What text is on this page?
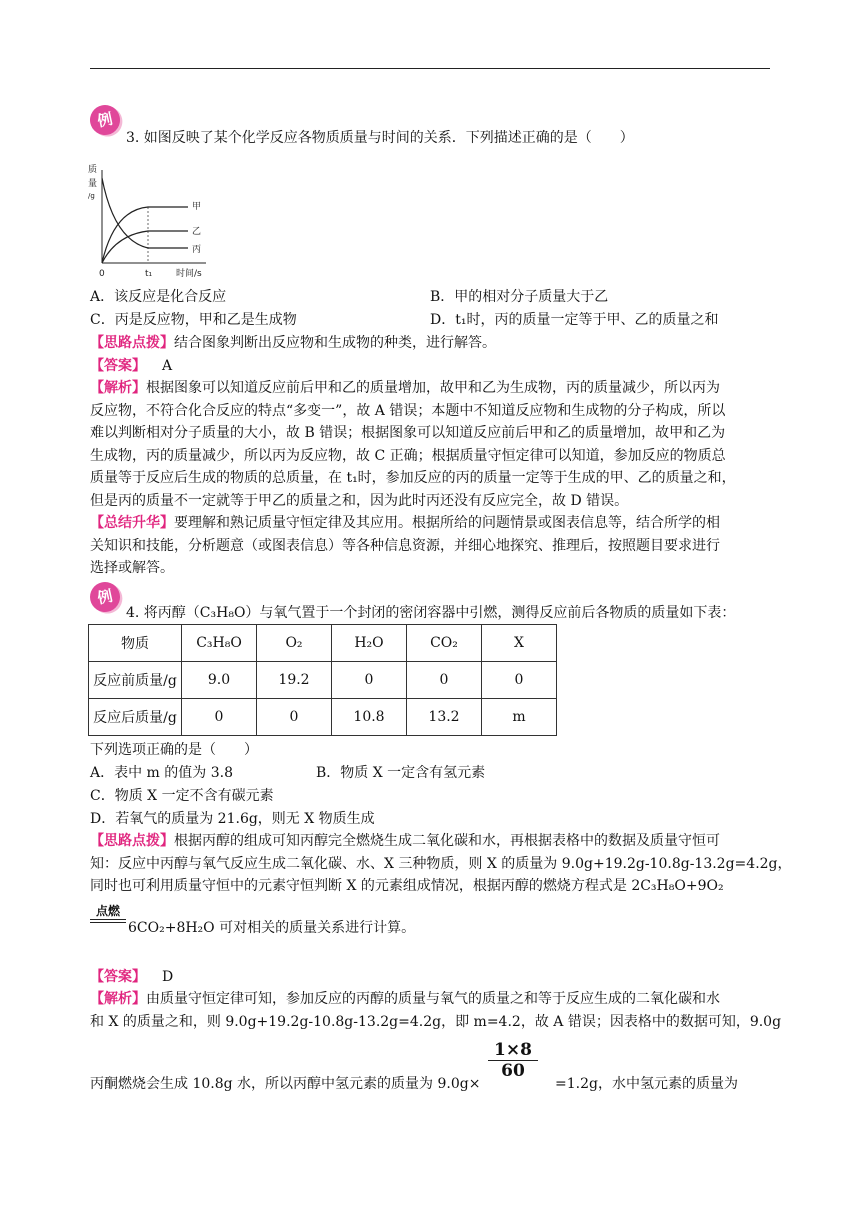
例
3. 如图反映了某个化学反应各物质质量与时间的关系．下列描述正确的是（　　）
质
量
/g
0	t₁	时间/s
甲
乙
丙
A．该反应是化合反应	B．甲的相对分子质量大于乙
C．丙是反应物，甲和乙是生成物	D．t₁时，丙的质量一定等于甲、乙的质量之和
【思路点拨】结合图象判断出反应物和生成物的种类，进行解答。
【答案】 A
【解析】根据图象可以知道反应前后甲和乙的质量增加，故甲和乙为生成物，丙的质量减少，所以丙为
反应物，不符合化合反应的特点“多变一”，故 A 错误；本题中不知道反应物和生成物的分子构成，所以
难以判断相对分子质量的大小，故 B 错误；根据图象可以知道反应前后甲和乙的质量增加，故甲和乙为
生成物，丙的质量减少，所以丙为反应物，故 C 正确；根据质量守恒定律可以知道，参加反应的物质总
质量等于反应后生成的物质的总质量，在 t₁时，参加反应的丙的质量一定等于生成的甲、乙的质量之和，
但是丙的质量不一定就等于甲乙的质量之和，因为此时丙还没有反应完全，故 D 错误。
【总结升华】要理解和熟记质量守恒定律及其应用。根据所给的问题情景或图表信息等，结合所学的相
关知识和技能，分析题意（或图表信息）等各种信息资源，并细心地探究、推理后，按照题目要求进行
选择或解答。
例
4. 将丙醇（C₃H₈O）与氧气置于一个封闭的密闭容器中引燃，测得反应前后各物质的质量如下表：
物质	C₃H₈O	O₂	H₂O	CO₂	X
反应前质量/g	9.0	19.2	0	0	0
反应后质量/g	0	0	10.8	13.2	m
下列选项正确的是（　　）
A．表中 m 的值为 3.8	B．物质 X 一定含有氢元素
C．物质 X 一定不含有碳元素
D．若氧气的质量为 21.6g，则无 X 物质生成
【思路点拨】根据丙醇的组成可知丙醇完全燃烧生成二氧化碳和水，再根据表格中的数据及质量守恒可
知：反应中丙醇与氧气反应生成二氧化碳、水、X 三种物质，则 X 的质量为 9.0g+19.2g-10.8g-13.2g=4.2g，
同时也可利用质量守恒中的元素守恒判断 X 的元素组成情况，根据丙醇的燃烧方程式是 2C₃H₈O+9O₂
点燃
6CO₂+8H₂O 可对相关的质量关系进行计算。
【答案】 D
【解析】由质量守恒定律可知，参加反应的丙醇的质量与氧气的质量之和等于反应生成的二氧化碳和水
和 X 的质量之和，则 9.0g+19.2g-10.8g-13.2g=4.2g，即 m=4.2，故 A 错误；因表格中的数据可知，9.0g
$\frac{1\times 8}{60}$
丙酮燃烧会生成 10.8g 水，所以丙醇中氢元素的质量为 9.0g×	=1.2g，水中氢元素的质量为
